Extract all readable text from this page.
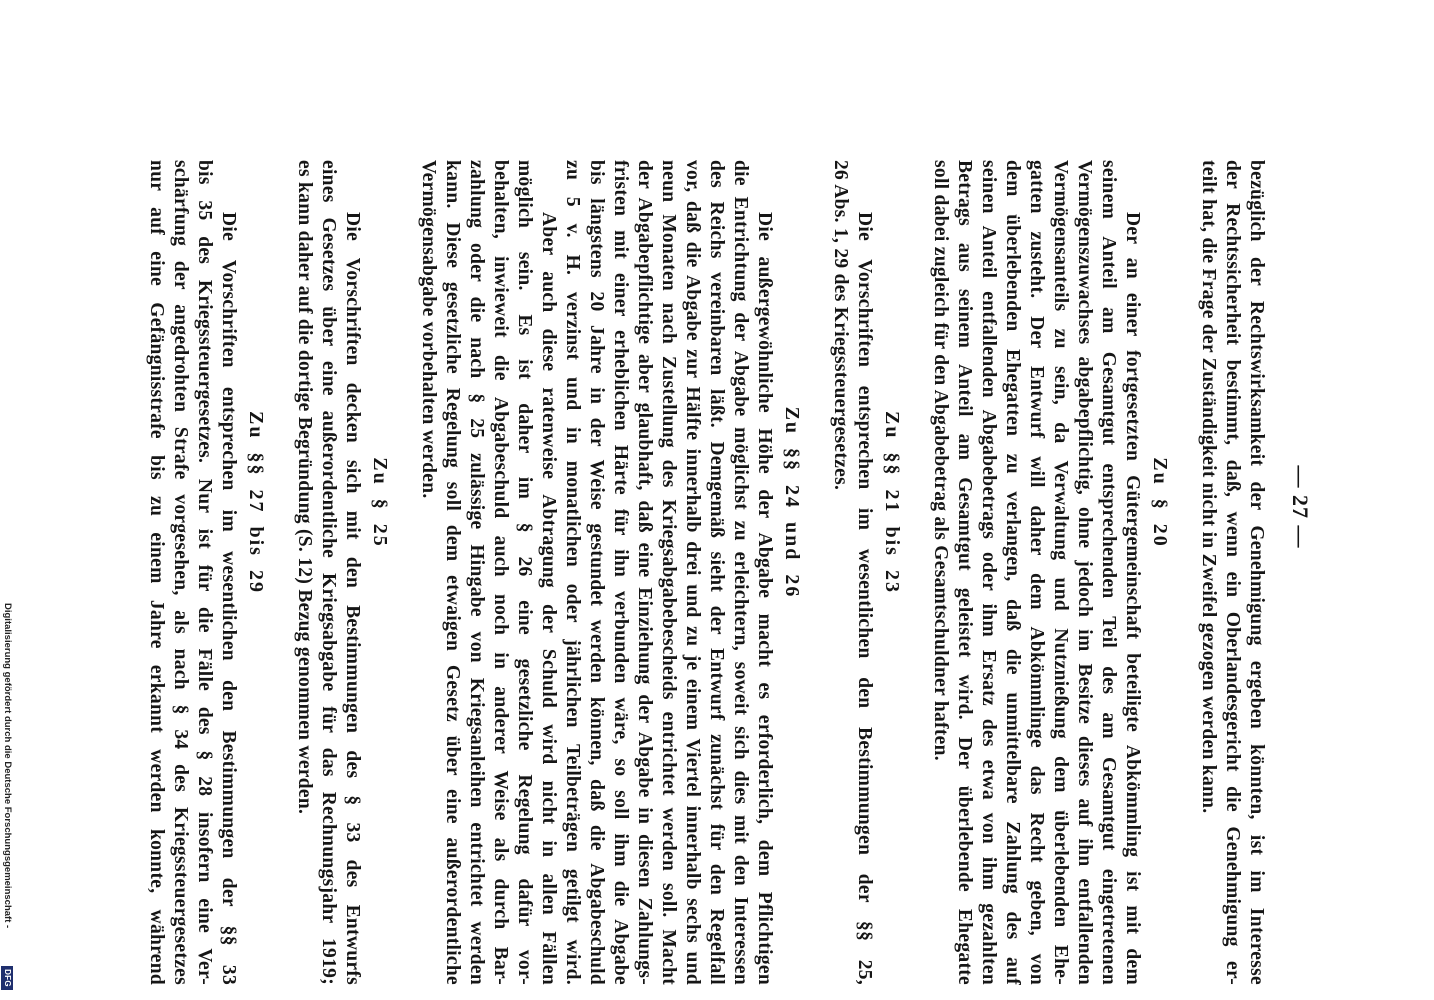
— 27 —
bezüglich der Rechtswirksamkeit der Genehmigung ergeben könnten, ist im Interesse
der Rechtssicherheit bestimmt, daß, wenn ein Oberlandesgericht die Genehmigung er-
teilt hat, die Frage der Zuständigkeit nicht in Zweifel gezogen werden kann.
Zu § 20
Der an einer fortgesetzten Gütergemeinschaft beteiligte Abkömmling ist mit dem
seinem Anteil am Gesamtgut entsprechenden Teil des am Gesamtgut eingetretenen
Vermögenszuwachses abgabepflichtig, ohne jedoch im Besitze dieses auf ihn entfallenden
Vermögensanteils zu sein, da Verwaltung und Nutznießung dem überlebenden Ehe-
gatten zusteht. Der Entwurf will daher dem Abkömmlinge das Recht geben, von
dem überlebenden Ehegatten zu verlangen, daß die unmittelbare Zahlung des auf
seinen Anteil entfallenden Abgabebetrags oder ihm Ersatz des etwa von ihm gezahlten
Betrags aus seinem Anteil am Gesamtgut geleistet wird. Der überlebende Ehegatte
soll dabei zugleich für den Abgabebetrag als Gesamtschuldner haften.
Zu §§ 21 bis 23
Die Vorschriften entsprechen im wesentlichen den Bestimmungen der §§ 25,
26 Abs. 1, 29 des Kriegssteuergesetzes.
Zu §§ 24 und 26
Die außergewöhnliche Höhe der Abgabe macht es erforderlich, dem Pflichtigen
die Entrichtung der Abgabe möglichst zu erleichtern, soweit sich dies mit den Interessen
des Reichs vereinbaren läßt. Demgemäß sieht der Entwurf zunächst für den Regelfall
vor, daß die Abgabe zur Hälfte innerhalb drei und zu je einem Viertel innerhalb sechs und
neun Monaten nach Zustellung des Kriegsabgabebescheids entrichtet werden soll. Macht
der Abgabepflichtige aber glaubhaft, daß eine Einziehung der Abgabe in diesen Zahlungs-
fristen mit einer erheblichen Härte für ihn verbunden wäre, so soll ihm die Abgabe
bis längstens 20 Jahre in der Weise gestundet werden können, daß die Abgabeschuld
zu 5 v. H. verzinst und in monatlichen oder jährlichen Teilbeträgen getilgt wird.
Aber auch diese ratenweise Abtragung der Schuld wird nicht in allen Fällen
möglich sein. Es ist daher im § 26 eine gesetzliche Regelung dafür vor-
behalten, inwieweit die Abgabeschuld auch noch in anderer Weise als durch Bar-
zahlung oder die nach § 25 zulässige Hingabe von Kriegsanleihen entrichtet werden
kann. Diese gesetzliche Regelung soll dem etwaigen Gesetz über eine außerordentliche
Vermögensabgabe vorbehalten werden.
Zu § 25
Die Vorschriften decken sich mit den Bestimmungen des § 33 des Entwurfs
eines Gesetzes über eine außerordentliche Kriegsabgabe für das Rechnungsjahr 1919;
es kann daher auf die dortige Begründung (S. 12) Bezug genommen werden.
Zu §§ 27 bis 29
Die Vorschriften entsprechen im wesentlichen den Bestimmungen der §§ 33
bis 35 des Kriegssteuergesetzes. Nur ist für die Fälle des § 28 insofern eine Ver-
schärfung der angedrohten Strafe vorgesehen, als nach § 34 des Kriegssteuergesetzes
nur auf eine Gefängnisstrafe bis zu einem Jahre erkannt werden konnte, während
Digitalisierung gefördert durch die Deutsche Forschungsgemeinschaft -
DFG
